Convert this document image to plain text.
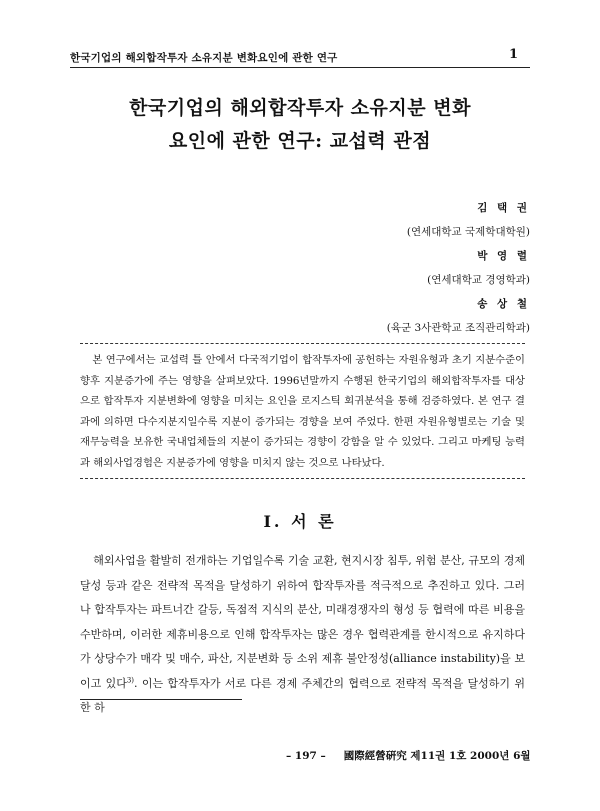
한국기업의 해외합작투자 소유지분 변화요인에 관한 연구	1
한국기업의 해외합작투자 소유지분 변화
요인에 관한 연구: 교섭력 관점
김 택 권
(연세대학교 국제학대학원)
박 영 렬
(연세대학교 경영학과)
송 상 철
(육군 3사관학교 조직관리학과)
본 연구에서는 교섭력 틀 안에서 다국적기업이 합작투자에 공헌하는 자원유형과 초기 지분수준이 향후 지분증가에 주는 영향을 살펴보았다. 1996년말까지 수행된 한국기업의 해외합작투자를 대상으로 합작투자 지분변화에 영향을 미치는 요인을 로지스틱 회귀분석을 통해 검증하였다. 본 연구 결과에 의하면 다수지분지일수록 지분이 증가되는 경향을 보여 주었다. 한편 자원유형별로는 기술 및 재무능력을 보유한 국내업체들의 지분이 증가되는 경향이 강함을 알 수 있었다. 그리고 마케팅 능력과 해외사업경험은 지분증가에 영향을 미치지 않는 것으로 나타났다.
I. 서 론
해외사업을 활발히 전개하는 기업일수록 기술 교환, 현지시장 침투, 위험 분산, 규모의 경제달성 등과 같은 전략적 목적을 달성하기 위하여 합작투자를 적극적으로 추진하고 있다. 그러나 합작투자는 파트너간 갈등, 독점적 지식의 분산, 미래경쟁자의 형성 등 협력에 따른 비용을 수반하며, 이러한 제휴비용으로 인해 합작투자는 많은 경우 협력관계를 한시적으로 유지하다가 상당수가 매각 및 매수, 파산, 지분변화 등 소위 제휴 불안정성(alliance instability)을 보이고 있다$^{3)}$. 이는 합작투자가 서로 다른 경제 주체간의 협력으로 전략적 목적을 달성하기 위한 하
– 197 – 國際經營硏究 제11권 1호 2000년 6월
